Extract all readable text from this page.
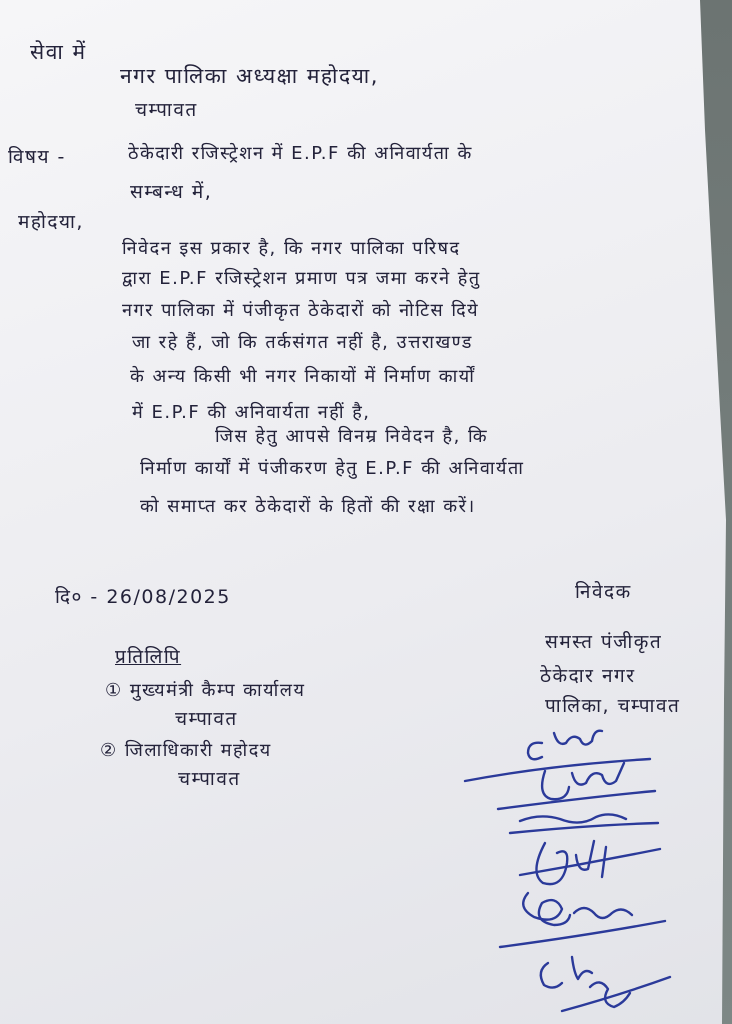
सेवा में
नगर पालिका अध्यक्षा महोदया,
चम्पावत
विषय -	ठेकेदारी रजिस्ट्रेशन में E.P.F की अनिवार्यता के
सम्बन्ध में,
महोदया,
निवेदन इस प्रकार है, कि नगर पालिका परिषद
द्वारा E.P.F रजिस्ट्रेशन प्रमाण पत्र जमा करने हेतु
नगर पालिका में पंजीकृत ठेकेदारों को नोटिस दिये
जा रहे हैं, जो कि तर्कसंगत नहीं है, उत्तराखण्ड
के अन्य किसी भी नगर निकायों में निर्माण कार्यों
में E.P.F की अनिवार्यता नहीं है,
जिस हेतु आपसे विनम्र निवेदन है, कि
निर्माण कार्यों में पंजीकरण हेतु E.P.F की अनिवार्यता
को समाप्त कर ठेकेदारों के हितों की रक्षा करें।
दि० - 26/08/2025	निवेदक
समस्त पंजीकृत
ठेकेदार नगर
पालिका, चम्पावत
प्रतिलिपि
① मुख्यमंत्री कैम्प कार्यालय
चम्पावत
② जिलाधिकारी महोदय
चम्पावत
